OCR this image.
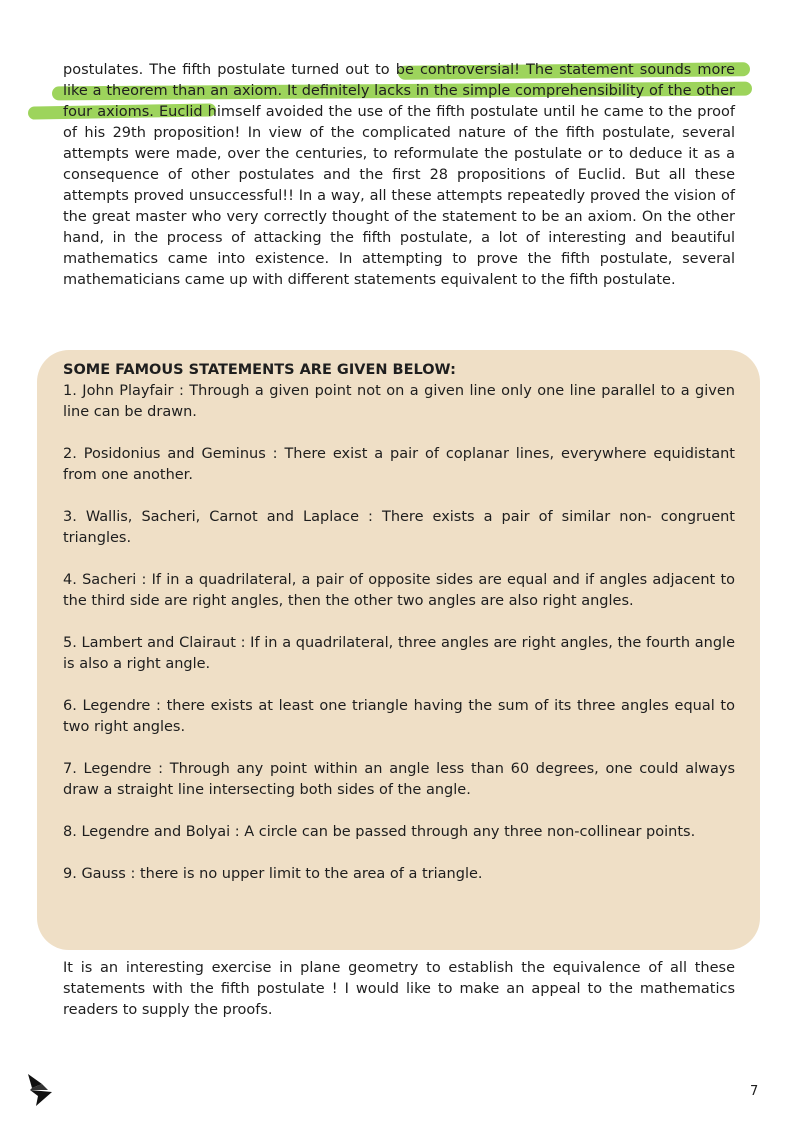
postulates. The fifth postulate turned out to be controversial! The statement sounds more like a theorem than an axiom. It definitely lacks in the simple comprehensibility of the other four axioms. Euclid himself avoided the use of the fifth postulate until he came to the proof of his 29th proposition! In view of the complicated nature of the fifth postulate, several attempts were made, over the centuries, to reformulate the postulate or to deduce it as a consequence of other postulates and the first 28 propositions of Euclid. But all these attempts proved unsuccessful!! In a way, all these attempts repeatedly proved the vision of the great master who very correctly thought of the statement to be an axiom. On the other hand, in the process of attacking the fifth postulate, a lot of interesting and beautiful mathematics came into existence. In attempting to prove the fifth postulate, several mathematicians came up with different statements equivalent to the fifth postulate.

SOME FAMOUS STATEMENTS ARE GIVEN BELOW:

1. John Playfair : Through a given point not on a given line only one line parallel to a given line can be drawn.

2. Posidonius and Geminus : There exist a pair of coplanar lines, everywhere equidistant from one another.

3. Wallis, Sacheri, Carnot and Laplace : There exists a pair of similar non- congruent triangles.

4. Sacheri : If in a quadrilateral, a pair of opposite sides are equal and if angles adjacent to the third side are right angles, then the other two angles are also right angles.

5. Lambert and Clairaut : If in a quadrilateral, three angles are right angles, the fourth angle is also a right angle.

6. Legendre : there exists at least one triangle having the sum of its three angles equal to two right angles.

7. Legendre : Through any point within an angle less than 60 degrees, one could always draw a straight line intersecting both sides of the angle.

8. Legendre and Bolyai : A circle can be passed through any three non-collinear points.

9. Gauss : there is no upper limit to the area of a triangle.

It is an interesting exercise in plane geometry to establish the equivalence of all these statements with the fifth postulate ! I would like to make an appeal to the mathematics readers to supply the proofs.

7
